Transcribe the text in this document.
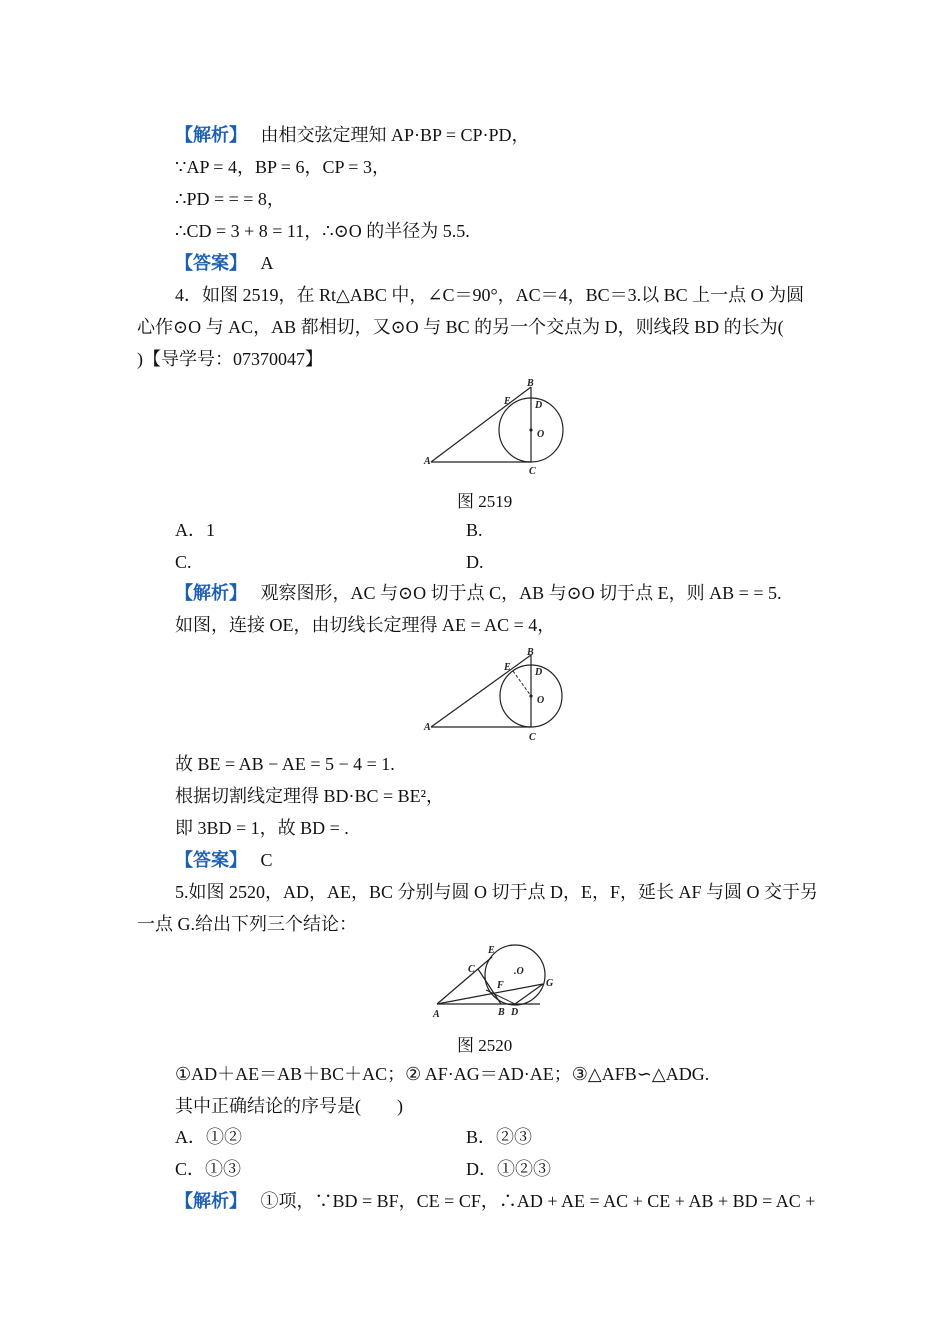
【解析】 由相交弦定理知 AP·BP = CP·PD，
∵AP = 4，BP = 6，CP = 3，
∴PD = = = 8，
∴CD = 3 + 8 = 11，∴⊙O 的半径为 5.5.
【答案】 A
4．如图 2519，在 Rt△ABC 中，∠C＝90°，AC＝4，BC＝3.以 BC 上一点 O 为圆
心作⊙O 与 AC，AB 都相切，又⊙O 与 BC 的另一个交点为 D，则线段 BD 的长为(
)【导学号：07370047】
A
B
C
D
E
O
图 2519
A．1	B.
C.	D.
【解析】 观察图形，AC 与⊙O 切于点 C，AB 与⊙O 切于点 E，则 AB = = 5.
如图，连接 OE，由切线长定理得 AE = AC = 4，
A
B
C
D
E
O
故 BE = AB − AE = 5 − 4 = 1.
根据切割线定理得 BD·BC = BE²，
即 3BD = 1，故 BD = .
【答案】 C
5.如图 2520，AD，AE，BC 分别与圆 O 切于点 D，E，F，延长 AF 与圆 O 交于另
一点 G.给出下列三个结论：
A	B
C
D
E
F	G
.O
图 2520
①AD＋AE＝AB＋BC＋AC；② AF·AG＝AD·AE；③△AFB∽△ADG.
其中正确结论的序号是(　　)
A．①②	B．②③
C．①③	D．①②③
【解析】 ①项，∵BD = BF，CE = CF，∴AD + AE = AC + CE + AB + BD = AC +
